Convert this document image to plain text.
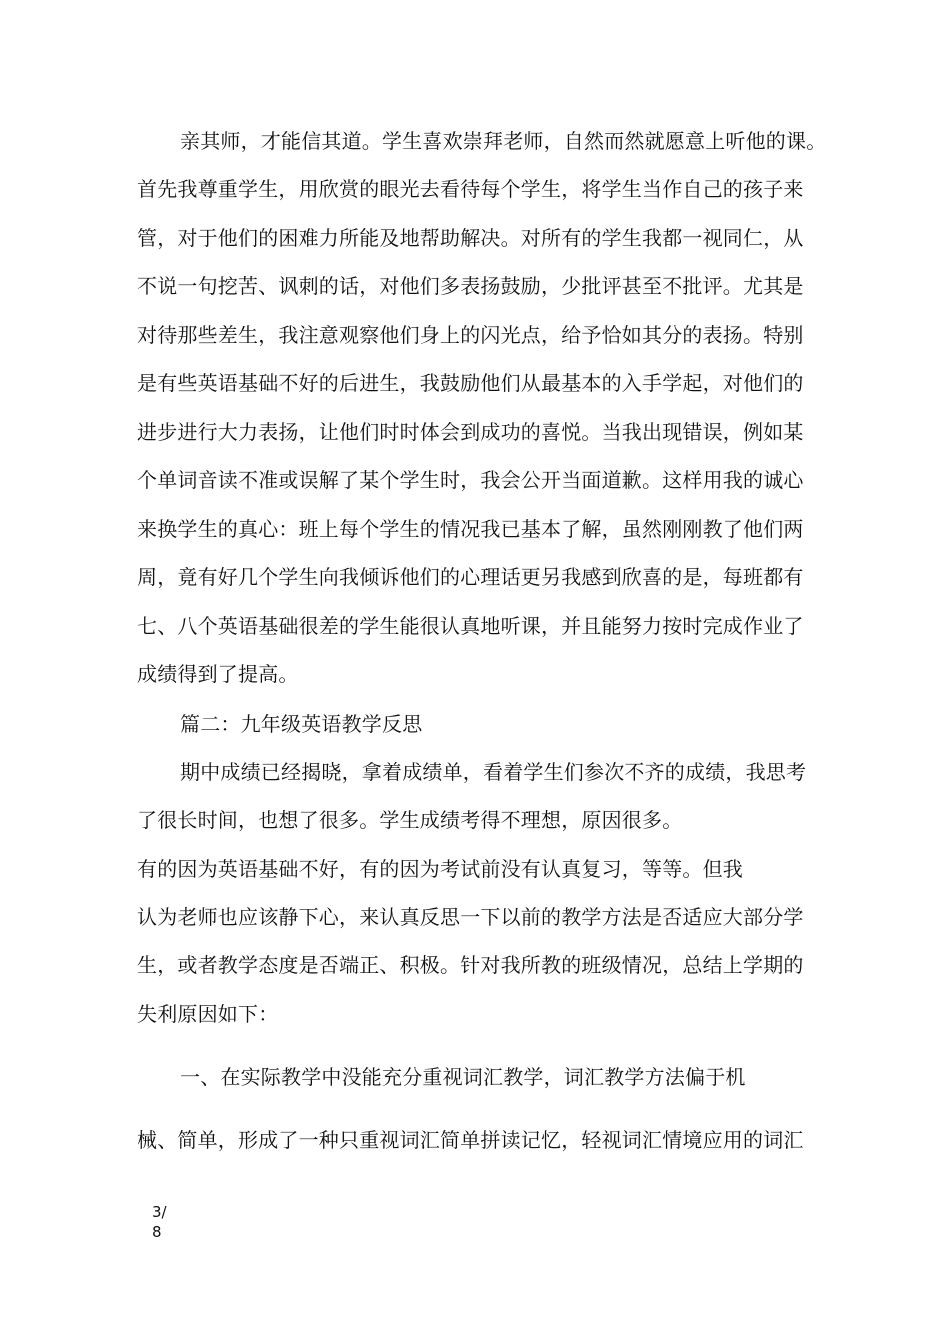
亲其师，才能信其道。学生喜欢崇拜老师，自然而然就愿意上听他的课。
首先我尊重学生，用欣赏的眼光去看待每个学生，将学生当作自己的孩子来
管，对于他们的困难力所能及地帮助解决。对所有的学生我都一视同仁，从
不说一句挖苦、讽刺的话，对他们多表扬鼓励，少批评甚至不批评。尤其是
对待那些差生，我注意观察他们身上的闪光点，给予恰如其分的表扬。特别
是有些英语基础不好的后进生，我鼓励他们从最基本的入手学起，对他们的
进步进行大力表扬，让他们时时体会到成功的喜悦。当我出现错误，例如某
个单词音读不准或误解了某个学生时，我会公开当面道歉。这样用我的诚心
来换学生的真心：班上每个学生的情况我已基本了解，虽然刚刚教了他们两
周，竟有好几个学生向我倾诉他们的心理话更另我感到欣喜的是，每班都有
七、八个英语基础很差的学生能很认真地听课，并且能努力按时完成作业了
成绩得到了提高。
篇二：九年级英语教学反思
期中成绩已经揭晓，拿着成绩单，看着学生们参次不齐的成绩，我思考
了很长时间，也想了很多。学生成绩考得不理想，原因很多。
有的因为英语基础不好，有的因为考试前没有认真复习，等等。但我
认为老师也应该静下心，来认真反思一下以前的教学方法是否适应大部分学
生，或者教学态度是否端正、积极。针对我所教的班级情况，总结上学期的
失利原因如下：
一、在实际教学中没能充分重视词汇教学，词汇教学方法偏于机
械、简单，形成了一种只重视词汇简单拼读记忆，轻视词汇情境应用的词汇
3/
8
